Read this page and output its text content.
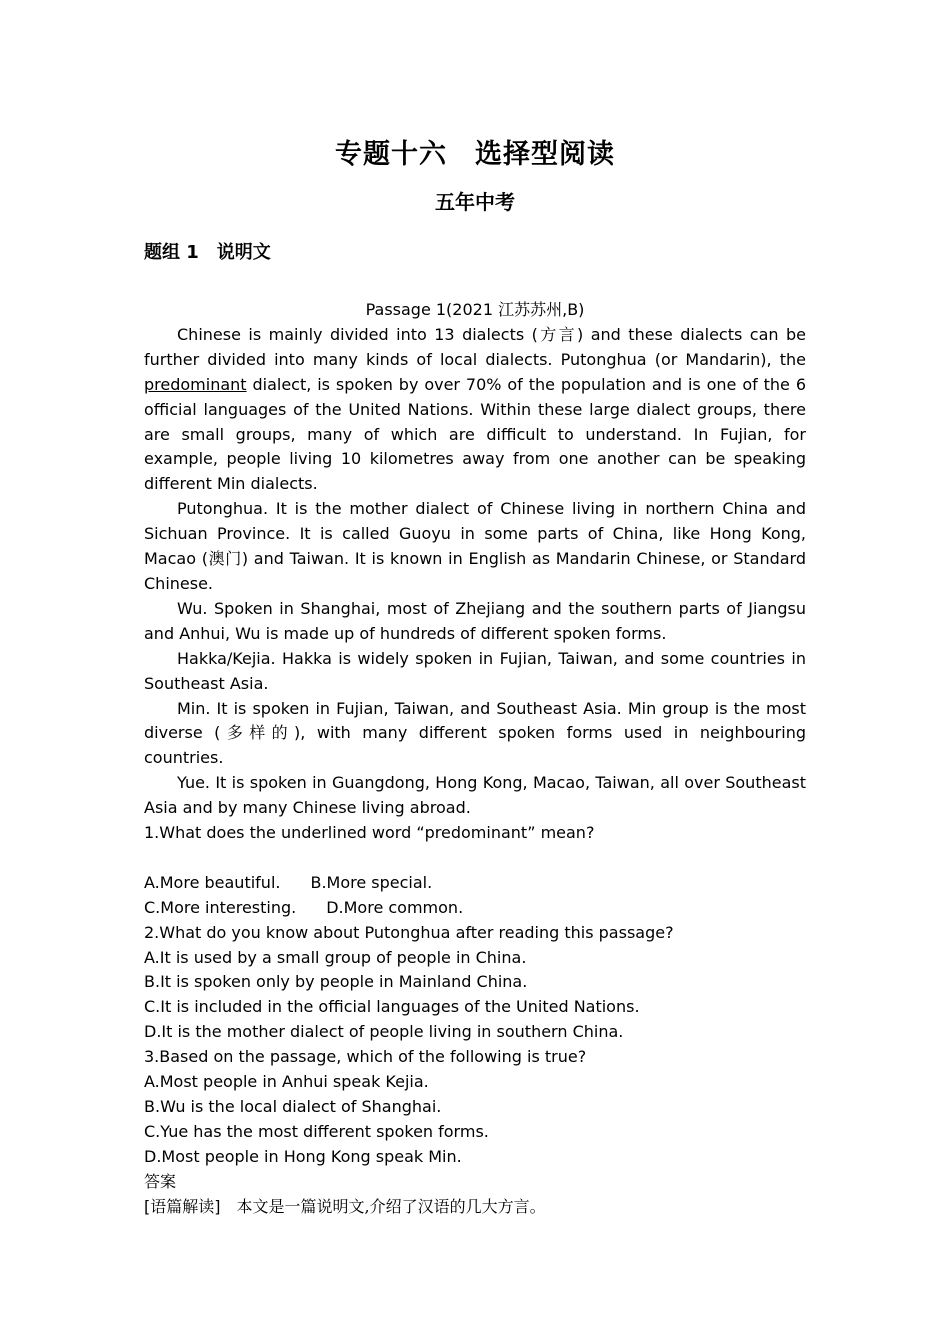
专题十六　选择型阅读
五年中考
题组 1　说明文
Passage 1(2021 江苏苏州,B)

Chinese is mainly divided into 13 dialects (方言) and these dialects can be further divided into many kinds of local dialects. Putonghua (or Mandarin), the predominant dialect, is spoken by over 70% of the population and is one of the 6 official languages of the United Nations. Within these large dialect groups, there are small groups, many of which are difficult to understand. In Fujian, for example, people living 10 kilometres away from one another can be speaking different Min dialects.

Putonghua. It is the mother dialect of Chinese living in northern China and Sichuan Province. It is called Guoyu in some parts of China, like Hong Kong, Macao (澳门) and Taiwan. It is known in English as Mandarin Chinese, or Standard Chinese.

Wu. Spoken in Shanghai, most of Zhejiang and the southern parts of Jiangsu and Anhui, Wu is made up of hundreds of different spoken forms.

Hakka/Kejia. Hakka is widely spoken in Fujian, Taiwan, and some countries in Southeast Asia.

Min. It is spoken in Fujian, Taiwan, and Southeast Asia. Min group is the most diverse (多样的), with many different spoken forms used in neighbouring countries.

Yue. It is spoken in Guangdong, Hong Kong, Macao, Taiwan, all over Southeast Asia and by many Chinese living abroad.

1.What does the underlined word “predominant” mean?

A.More beautiful. B.More special.

C.More interesting. D.More common.

2.What do you know about Putonghua after reading this passage?

A.It is used by a small group of people in China.

B.It is spoken only by people in Mainland China.

C.It is included in the official languages of the United Nations.

D.It is the mother dialect of people living in southern China.

3.Based on the passage, which of the following is true?

A.Most people in Anhui speak Kejia.

B.Wu is the local dialect of Shanghai.

C.Yue has the most different spoken forms.

D.Most people in Hong Kong speak Min.

答案

[语篇解读]　 本文是一篇说明文,介绍了汉语的几大方言。
